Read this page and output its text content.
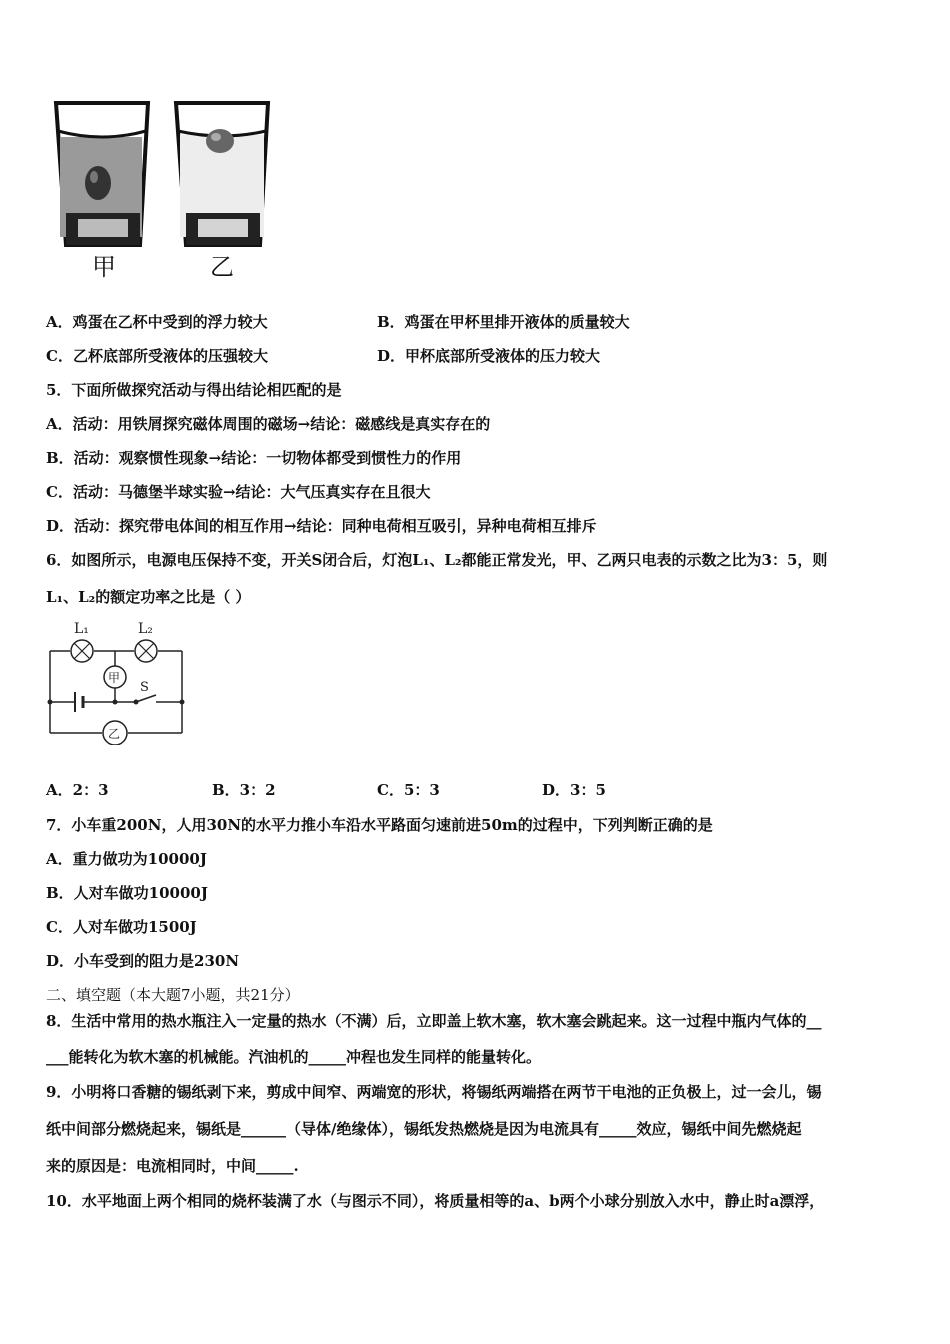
甲	乙
A．鸡蛋在乙杯中受到的浮力较大	B．鸡蛋在甲杯里排开液体的质量较大
C．乙杯底部所受液体的压强较大	D．甲杯底部所受液体的压力较大
5．下面所做探究活动与得出结论相匹配的是
A．活动：用铁屑探究磁体周围的磁场→结论：磁感线是真实存在的
B．活动：观察惯性现象→结论：一切物体都受到惯性力的作用
C．活动：马德堡半球实验→结论：大气压真实存在且很大
D．活动：探究带电体间的相互作用→结论：同种电荷相互吸引，异种电荷相互排斥
6．如图所示，电源电压保持不变，开关S闭合后，灯泡L₁、L₂都能正常发光，甲、乙两只电表的示数之比为3：5，则
L₁、L₂的额定功率之比是（ ）
甲
乙
L₁	L₂
S
A．2：3	B．3：2	C．5：3	D．3：5
7．小车重200N，人用30N的水平力推小车沿水平路面匀速前进50m的过程中，下列判断正确的是
A．重力做功为10000J
B．人对车做功10000J
C．人对车做功1500J
D．小车受到的阻力是230N
二、填空题（本大题7小题，共21分）
8．生活中常用的热水瓶注入一定量的热水（不满）后，立即盖上软木塞，软木塞会跳起来。这一过程中瓶内气体的__
___能转化为软木塞的机械能。汽油机的_____冲程也发生同样的能量转化。
9．小明将口香糖的锡纸剥下来，剪成中间窄、两端宽的形状，将锡纸两端搭在两节干电池的正负极上，过一会儿，锡
纸中间部分燃烧起来，锡纸是______（导体/绝缘体），锡纸发热燃烧是因为电流具有_____效应，锡纸中间先燃烧起
来的原因是：电流相同时，中间_____.
10．水平地面上两个相同的烧杯装满了水（与图示不同），将质量相等的a、b两个小球分别放入水中，静止时a漂浮，
